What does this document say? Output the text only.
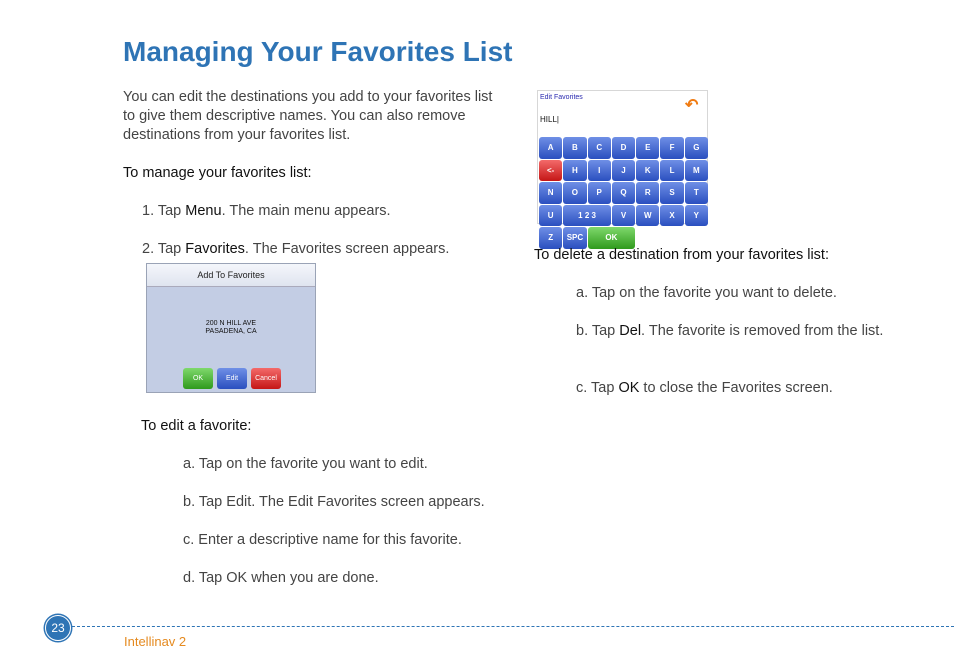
Managing Your Favorites List

You can edit the destinations you add to your favorites list to give them descriptive names. You can also remove destinations from your favorites list.

To manage your favorites list:

1. Tap Menu. The main menu appears.

2. Tap Favorites. The Favorites screen appears.

Add To Favorites
200 N HILL AVE
PASADENA, CA
OK	Edit	Cancel

To edit a favorite:

a. Tap on the favorite you want to edit.

b. Tap Edit. The Edit Favorites screen appears.

c. Enter a descriptive name for this favorite.

d. Tap OK when you are done.

Edit Favorites	↶
HILL|
A	B	C	D	E	F	G
<-	H	I	J	K	L	M
N	O	P	Q	R	S	T
U	1 2 3	V	W	X	Y
Z	SPC	OK

To delete a destination from your favorites list:

a. Tap on the favorite you want to delete.

b. Tap Del. The favorite is removed from the list.

c. Tap OK to close the Favorites screen.

23
Intellinav 2
